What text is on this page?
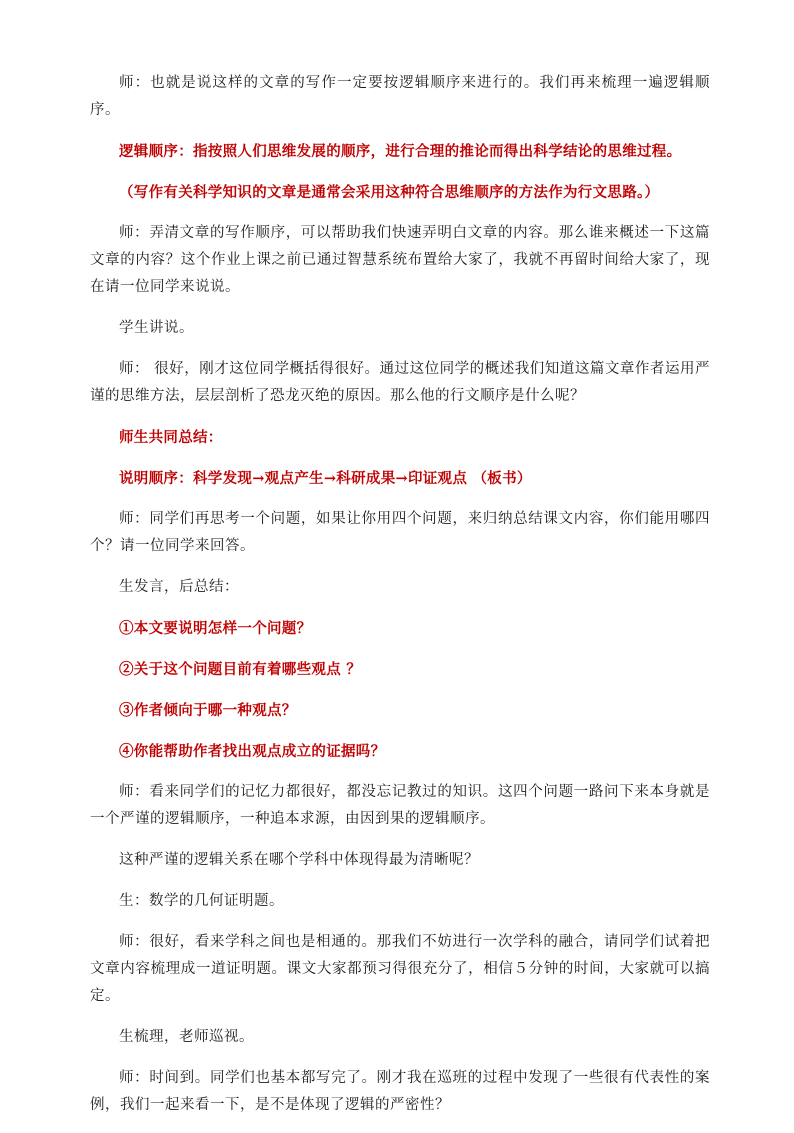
师：也就是说这样的文章的写作一定要按逻辑顺序来进行的。我们再来梳理一遍逻辑顺序。

逻辑顺序：指按照人们思维发展的顺序，进行合理的推论而得出科学结论的思维过程。

（写作有关科学知识的文章是通常会采用这种符合思维顺序的方法作为行文思路。）

师：弄清文章的写作顺序，可以帮助我们快速弄明白文章的内容。那么谁来概述一下这篇文章的内容？这个作业上课之前已通过智慧系统布置给大家了，我就不再留时间给大家了，现在请一位同学来说说。

学生讲说。

师： 很好，刚才这位同学概括得很好。通过这位同学的概述我们知道这篇文章作者运用严谨的思维方法，层层剖析了恐龙灭绝的原因。那么他的行文顺序是什么呢？

师生共同总结：

说明顺序：科学发现→观点产生→科研成果→印证观点 （板书）

师：同学们再思考一个问题，如果让你用四个问题，来归纳总结课文内容，你们能用哪四个？请一位同学来回答。

生发言，后总结：

①本文要说明怎样一个问题？

②关于这个问题目前有着哪些观点 ？

③作者倾向于哪一种观点？

④你能帮助作者找出观点成立的证据吗？

师：看来同学们的记忆力都很好，都没忘记教过的知识。这四个问题一路问下来本身就是一个严谨的逻辑顺序，一种追本求源，由因到果的逻辑顺序。

这种严谨的逻辑关系在哪个学科中体现得最为清晰呢？

生：数学的几何证明题。

师：很好，看来学科之间也是相通的。那我们不妨进行一次学科的融合，请同学们试着把文章内容梳理成一道证明题。课文大家都预习得很充分了，相信５分钟的时间，大家就可以搞定。

生梳理，老师巡视。

师：时间到。同学们也基本都写完了。刚才我在巡班的过程中发现了一些很有代表性的案例，我们一起来看一下，是不是体现了逻辑的严密性？
